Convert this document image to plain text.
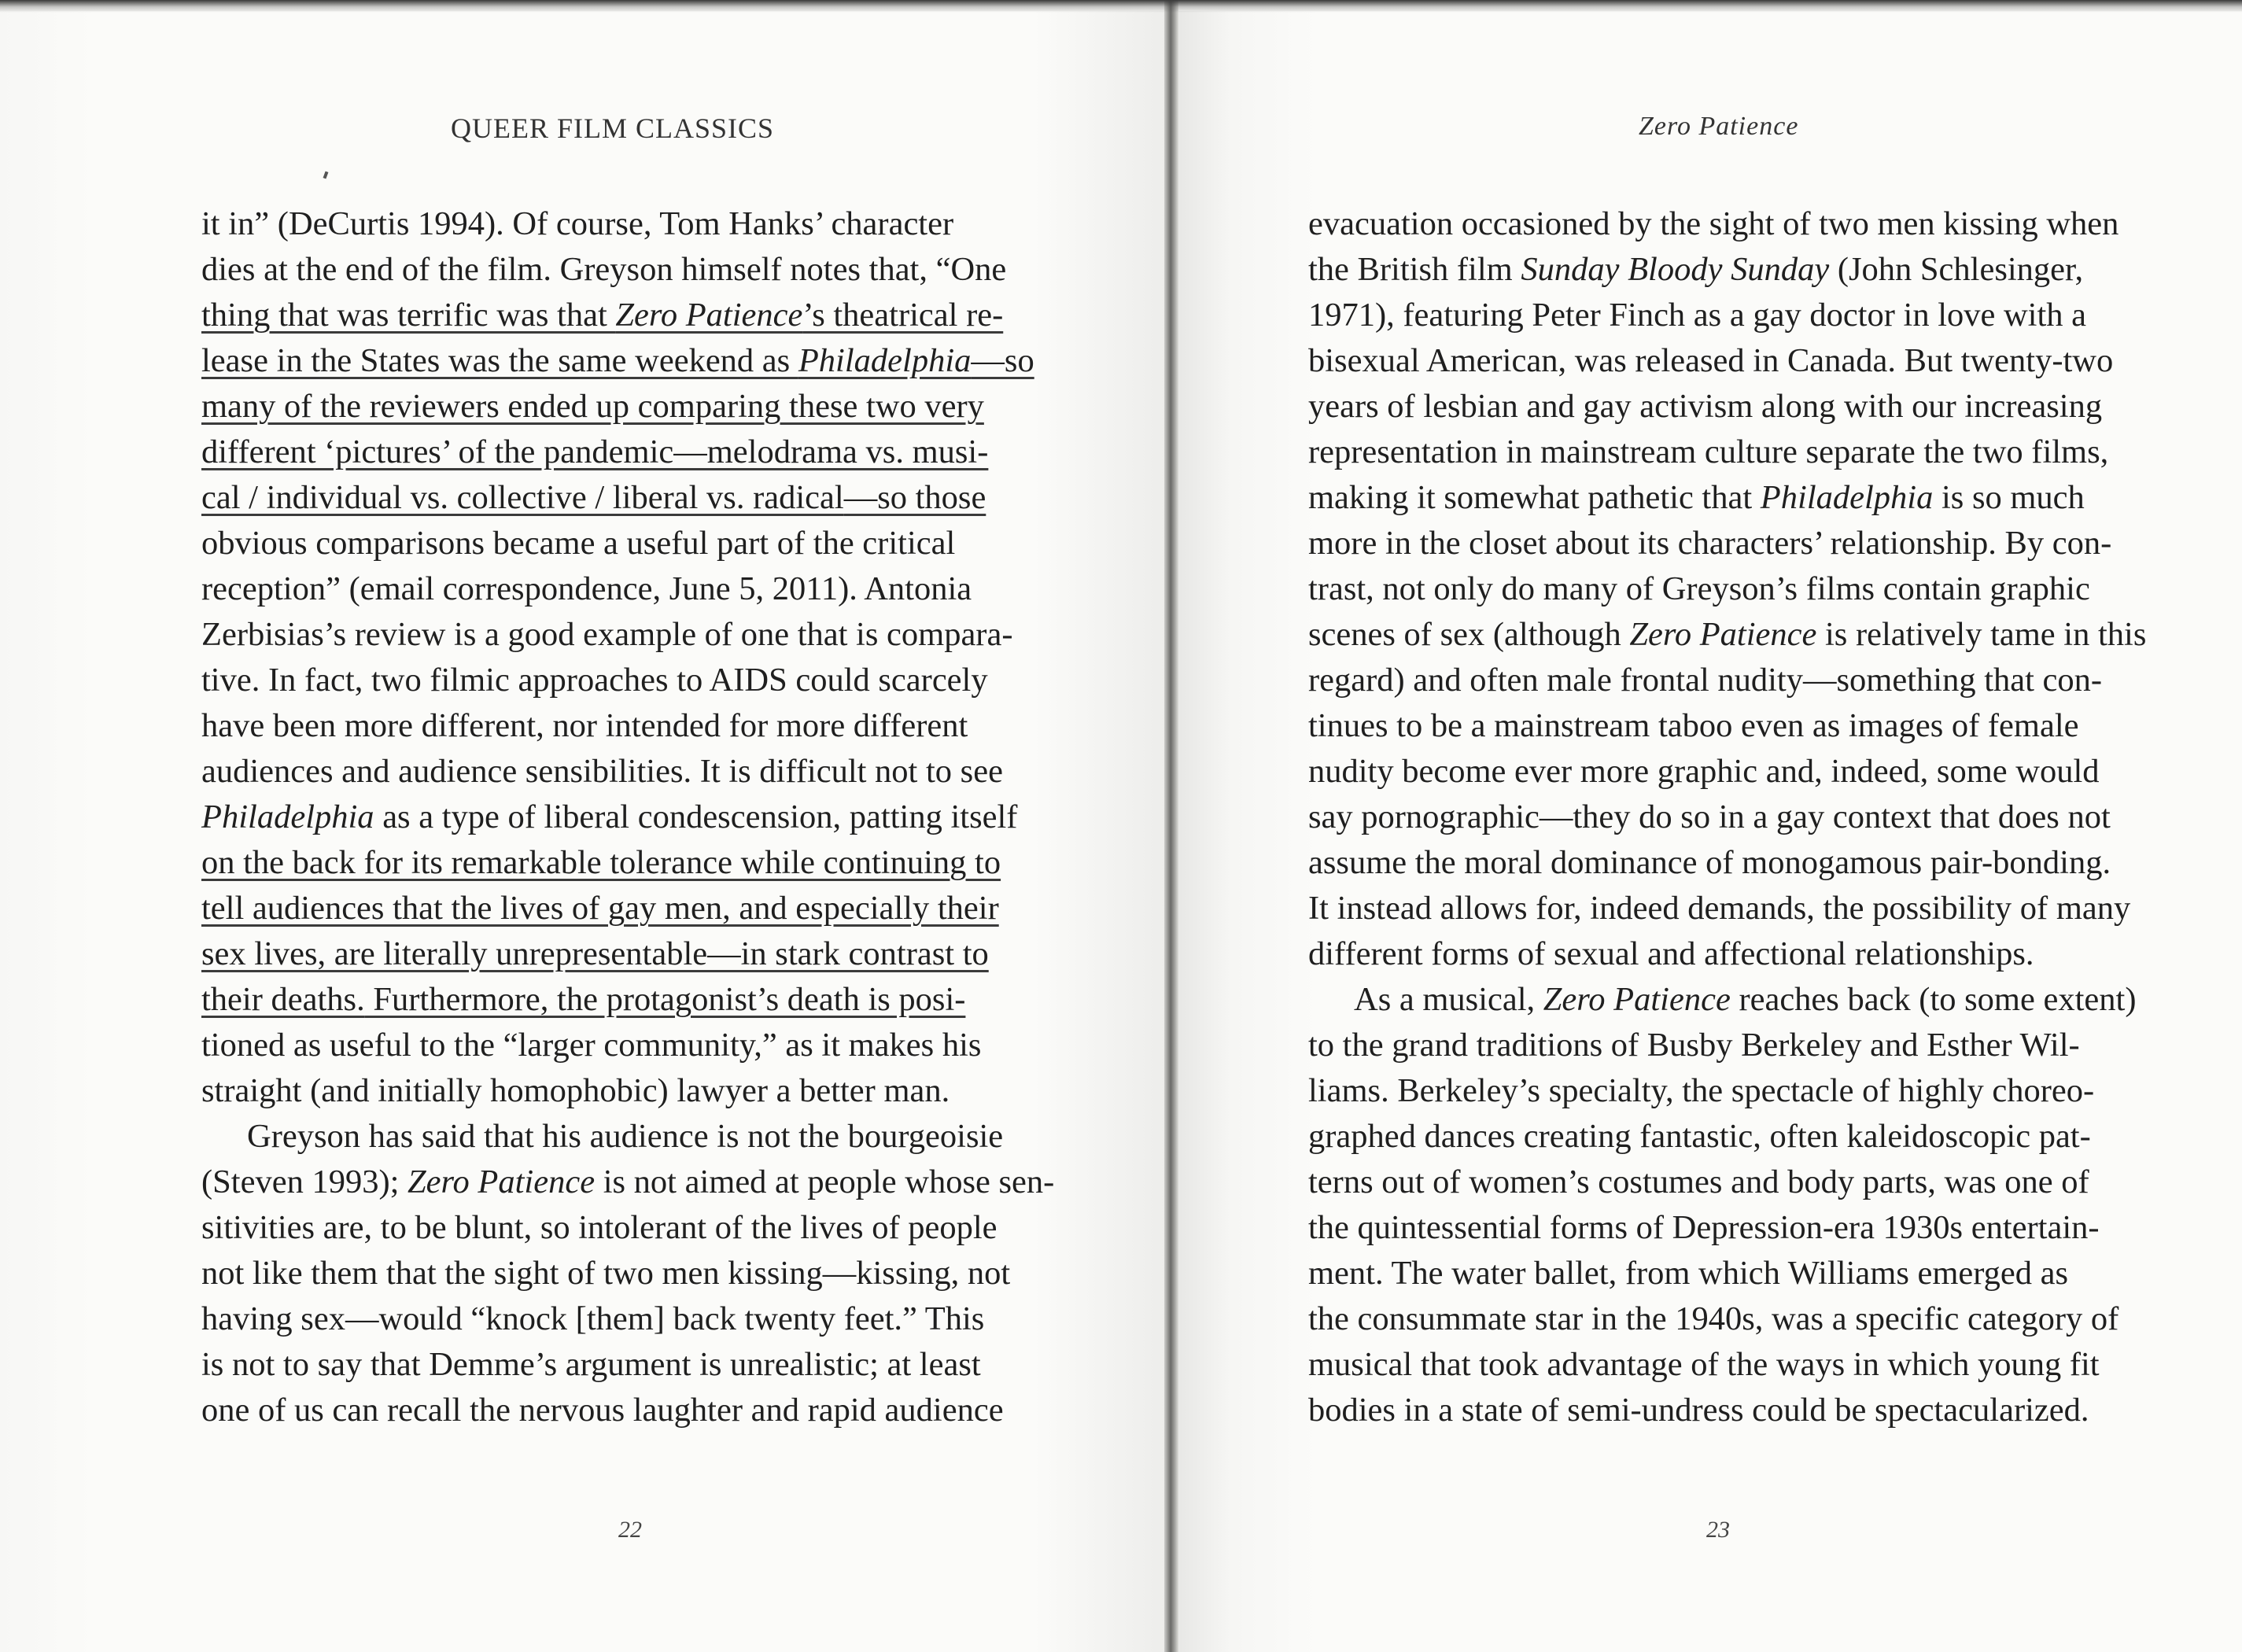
QUEER FILM CLASSICS
it in” (DeCurtis 1994). Of course, Tom Hanks’ character
dies at the end of the film. Greyson himself notes that, “One
thing that was terrific was that Zero Patience’s theatrical re-
lease in the States was the same weekend as Philadelphia—so
many of the reviewers ended up comparing these two very
different ‘pictures’ of the pandemic—melodrama vs. musi-
cal / individual vs. collective / liberal vs. radical—so those
obvious comparisons became a useful part of the critical
reception” (email correspondence, June 5, 2011). Antonia
Zerbisias’s review is a good example of one that is compara-
tive. In fact, two filmic approaches to AIDS could scarcely
have been more different, nor intended for more different
audiences and audience sensibilities. It is difficult not to see
Philadelphia as a type of liberal condescension, patting itself
on the back for its remarkable tolerance while continuing to
tell audiences that the lives of gay men, and especially their
sex lives, are literally unrepresentable—in stark contrast to
their deaths. Furthermore, the protagonist’s death is posi-
tioned as useful to the “larger community,” as it makes his
straight (and initially homophobic) lawyer a better man.
Greyson has said that his audience is not the bourgeoisie
(Steven 1993); Zero Patience is not aimed at people whose sen-
sitivities are, to be blunt, so intolerant of the lives of people
not like them that the sight of two men kissing—kissing, not
having sex—would “knock [them] back twenty feet.” This
is not to say that Demme’s argument is unrealistic; at least
one of us can recall the nervous laughter and rapid audience
22
Zero Patience
evacuation occasioned by the sight of two men kissing when
the British film Sunday Bloody Sunday (John Schlesinger,
1971), featuring Peter Finch as a gay doctor in love with a
bisexual American, was released in Canada. But twenty-two
years of lesbian and gay activism along with our increasing
representation in mainstream culture separate the two films,
making it somewhat pathetic that Philadelphia is so much
more in the closet about its characters’ relationship. By con-
trast, not only do many of Greyson’s films contain graphic
scenes of sex (although Zero Patience is relatively tame in this
regard) and often male frontal nudity—something that con-
tinues to be a mainstream taboo even as images of female
nudity become ever more graphic and, indeed, some would
say pornographic—they do so in a gay context that does not
assume the moral dominance of monogamous pair-bonding.
It instead allows for, indeed demands, the possibility of many
different forms of sexual and affectional relationships.
As a musical, Zero Patience reaches back (to some extent)
to the grand traditions of Busby Berkeley and Esther Wil-
liams. Berkeley’s specialty, the spectacle of highly choreo-
graphed dances creating fantastic, often kaleidoscopic pat-
terns out of women’s costumes and body parts, was one of
the quintessential forms of Depression-era 1930s entertain-
ment. The water ballet, from which Williams emerged as
the consummate star in the 1940s, was a specific category of
musical that took advantage of the ways in which young fit
bodies in a state of semi-undress could be spectacularized.
23
